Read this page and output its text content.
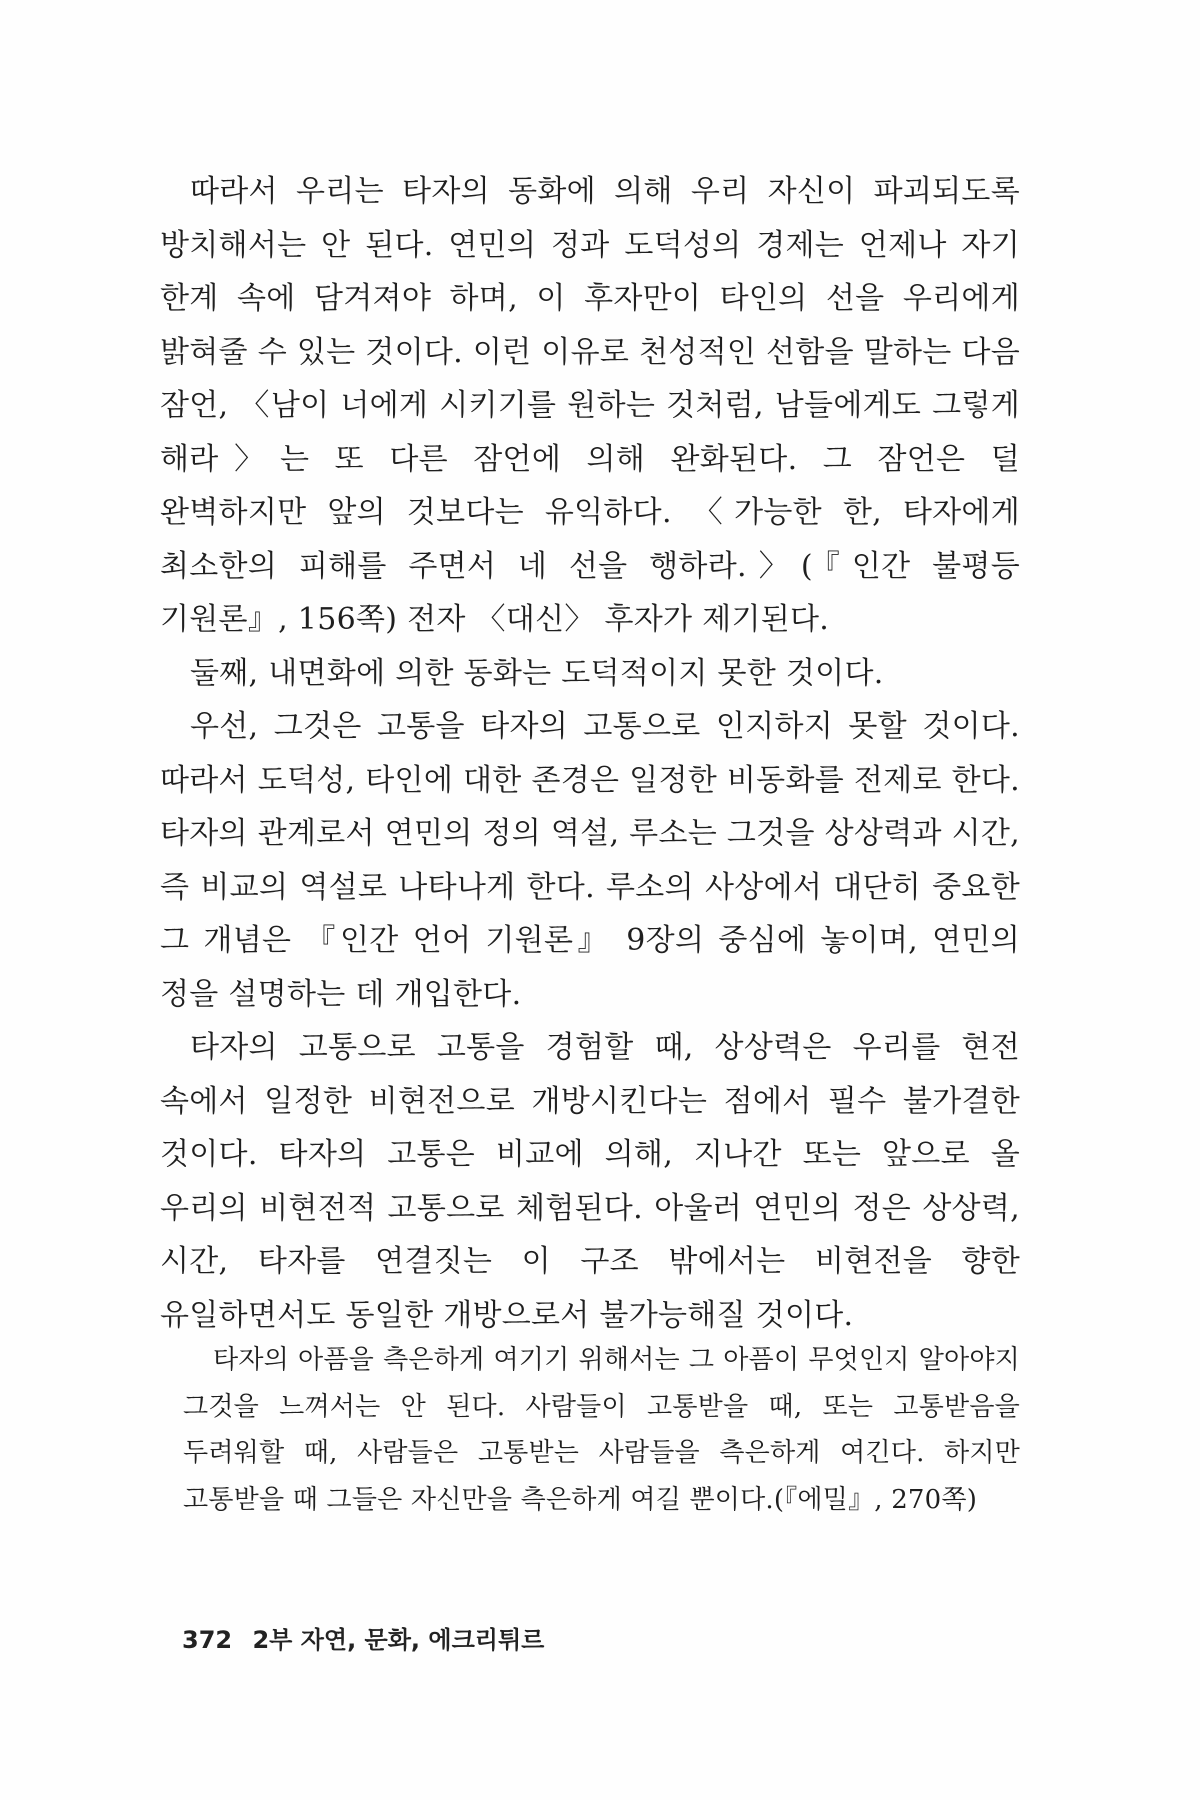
따라서 우리는 타자의 동화에 의해 우리 자신이 파괴되도록 방치해서는 안 된다. 연민의 정과 도덕성의 경제는 언제나 자기 한계 속에 담겨져야 하며, 이 후자만이 타인의 선을 우리에게 밝혀줄 수 있는 것이다. 이런 이유로 천성적인 선함을 말하는 다음 잠언, 〈남이 너에게 시키기를 원하는 것처럼, 남들에게도 그렇게 해라〉는 또 다른 잠언에 의해 완화된다. 그 잠언은 덜 완벽하지만 앞의 것보다는 유익하다. 〈가능한 한, 타자에게 최소한의 피해를 주면서 네 선을 행하라.〉(『인간 불평등 기원론』, 156쪽) 전자 〈대신〉 후자가 제기된다.

둘째, 내면화에 의한 동화는 도덕적이지 못한 것이다.

우선, 그것은 고통을 타자의 고통으로 인지하지 못할 것이다. 따라서 도덕성, 타인에 대한 존경은 일정한 비동화를 전제로 한다. 타자의 관계로서 연민의 정의 역설, 루소는 그것을 상상력과 시간, 즉 비교의 역설로 나타나게 한다. 루소의 사상에서 대단히 중요한 그 개념은 『인간 언어 기원론』 9장의 중심에 놓이며, 연민의 정을 설명하는 데 개입한다.

타자의 고통으로 고통을 경험할 때, 상상력은 우리를 현전 속에서 일정한 비현전으로 개방시킨다는 점에서 필수 불가결한 것이다. 타자의 고통은 비교에 의해, 지나간 또는 앞으로 올 우리의 비현전적 고통으로 체험된다. 아울러 연민의 정은 상상력, 시간, 타자를 연결짓는 이 구조 밖에서는 비현전을 향한 유일하면서도 동일한 개방으로서 불가능해질 것이다.

타자의 아픔을 측은하게 여기기 위해서는 그 아픔이 무엇인지 알아야지 그것을 느껴서는 안 된다. 사람들이 고통받을 때, 또는 고통받음을 두려워할 때, 사람들은 고통받는 사람들을 측은하게 여긴다. 하지만 고통받을 때 그들은 자신만을 측은하게 여길 뿐이다.(『에밀』, 270쪽)

372 2부 자연, 문화, 에크리튀르
